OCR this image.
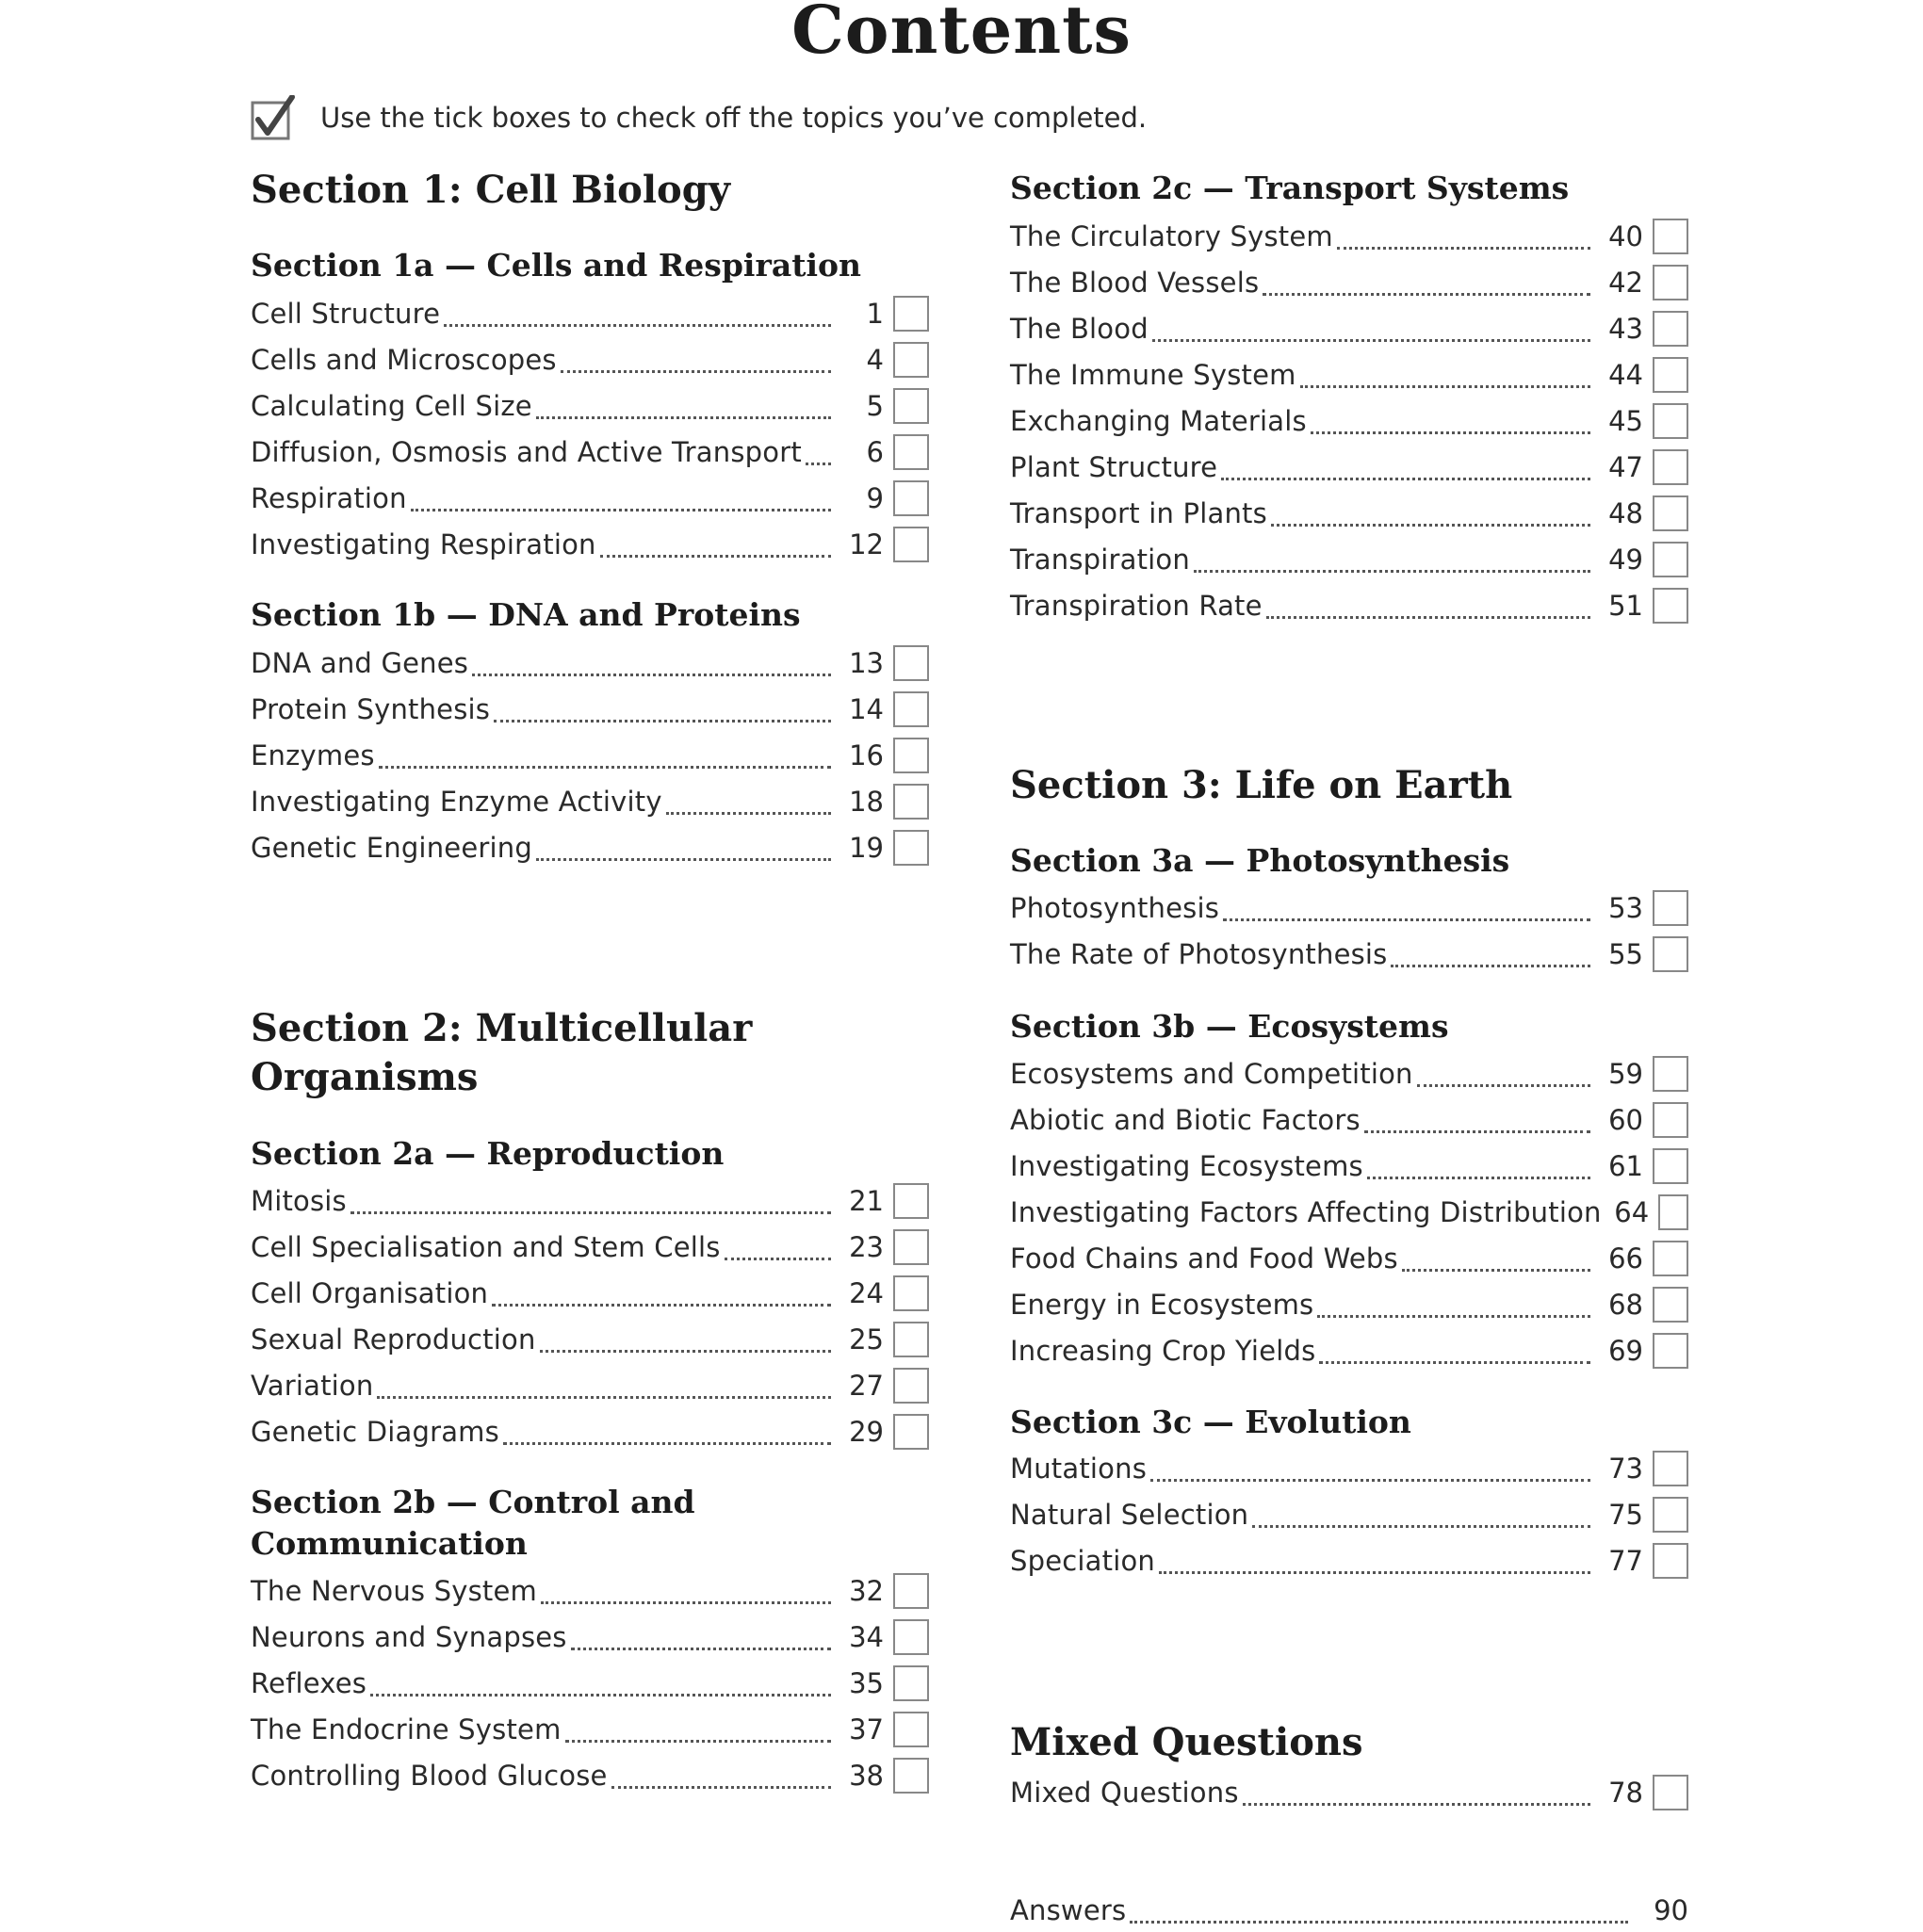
Contents
Use the tick boxes to check off the topics you’ve completed.
Section 1: Cell Biology
Section 1a — Cells and Respiration
Cell Structure	1
Cells and Microscopes	4
Calculating Cell Size	5
Diffusion, Osmosis and Active Transport	6
Respiration	9
Investigating Respiration	12
Section 1b — DNA and Proteins
DNA and Genes	13
Protein Synthesis	14
Enzymes	16
Investigating Enzyme Activity	18
Genetic Engineering	19
Section 2: Multicellular
Organisms
Section 2a — Reproduction
Mitosis	21
Cell Specialisation and Stem Cells	23
Cell Organisation	24
Sexual Reproduction	25
Variation	27
Genetic Diagrams	29
Section 2b — Control and
Communication
The Nervous System	32
Neurons and Synapses	34
Reflexes	35
The Endocrine System	37
Controlling Blood Glucose	38
Section 2c — Transport Systems
The Circulatory System	40
The Blood Vessels	42
The Blood	43
The Immune System	44
Exchanging Materials	45
Plant Structure	47
Transport in Plants	48
Transpiration	49
Transpiration Rate	51
Section 3: Life on Earth
Section 3a — Photosynthesis
Photosynthesis	53
The Rate of Photosynthesis	55
Section 3b — Ecosystems
Ecosystems and Competition	59
Abiotic and Biotic Factors	60
Investigating Ecosystems	61
Investigating Factors Affecting Distribution 64
Food Chains and Food Webs	66
Energy in Ecosystems	68
Increasing Crop Yields	69
Section 3c — Evolution
Mutations	73
Natural Selection	75
Speciation	77
Mixed Questions
Mixed Questions	78
Answers	90
